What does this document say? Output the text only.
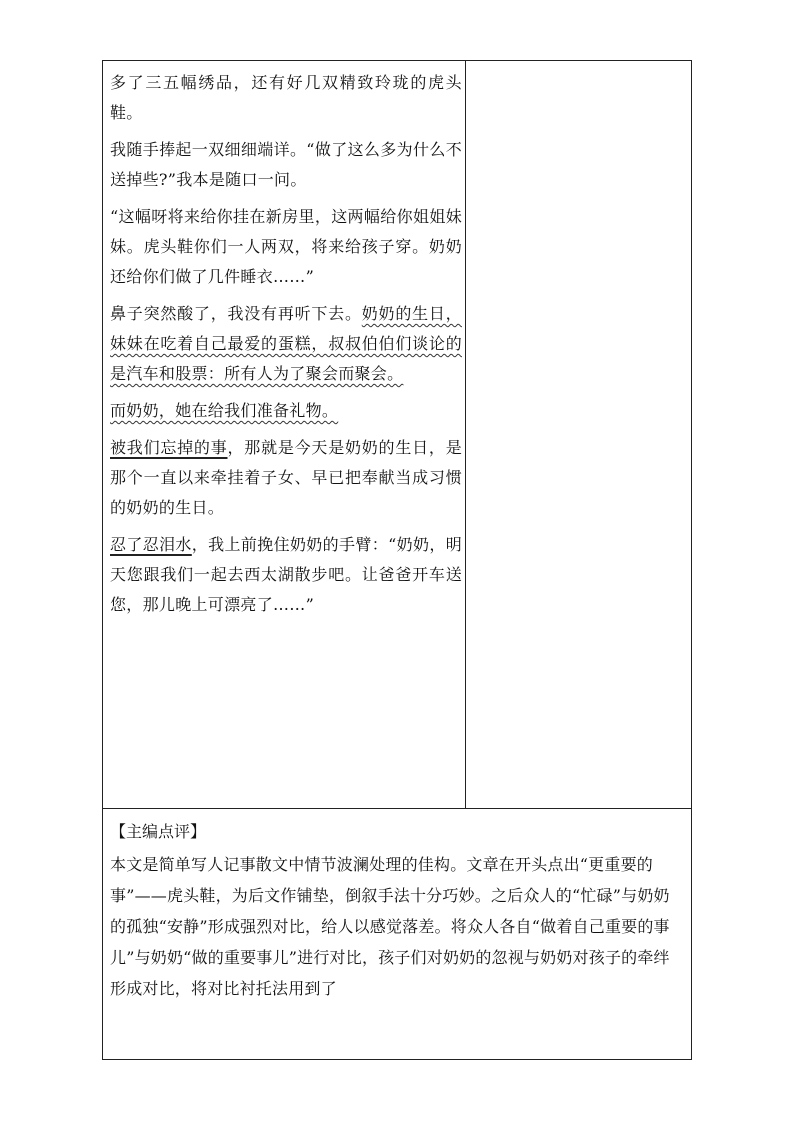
多了三五幅绣品，还有好几双精致玲珑的虎头鞋。

我随手捧起一双细细端详。“做了这么多为什么不送掉些?”我本是随口一问。

“这幅呀将来给你挂在新房里，这两幅给你姐姐妹妹。虎头鞋你们一人两双，将来给孩子穿。奶奶还给你们做了几件睡衣……”

鼻子突然酸了，我没有再听下去。奶奶的生日，妹妹在吃着自己最爱的蛋糕，叔叔伯伯们谈论的是汽车和股票：所有人为了聚会而聚会。

而奶奶，她在给我们准备礼物。

被我们忘掉的事，那就是今天是奶奶的生日，是那个一直以来牵挂着子女、早已把奉献当成习惯的奶奶的生日。

忍了忍泪水，我上前挽住奶奶的手臂：“奶奶，明天您跟我们一起去西太湖散步吧。让爸爸开车送您，那儿晚上可漂亮了……”

【主编点评】

本文是简单写人记事散文中情节波澜处理的佳构。文章在开头点出“更重要的事”——虎头鞋，为后文作铺垫，倒叙手法十分巧妙。之后众人的“忙碌”与奶奶的孤独“安静”形成强烈对比，给人以感觉落差。将众人各自“做着自己重要的事儿”与奶奶“做的重要事儿”进行对比，孩子们对奶奶的忽视与奶奶对孩子的牵绊形成对比，将对比衬托法用到了
